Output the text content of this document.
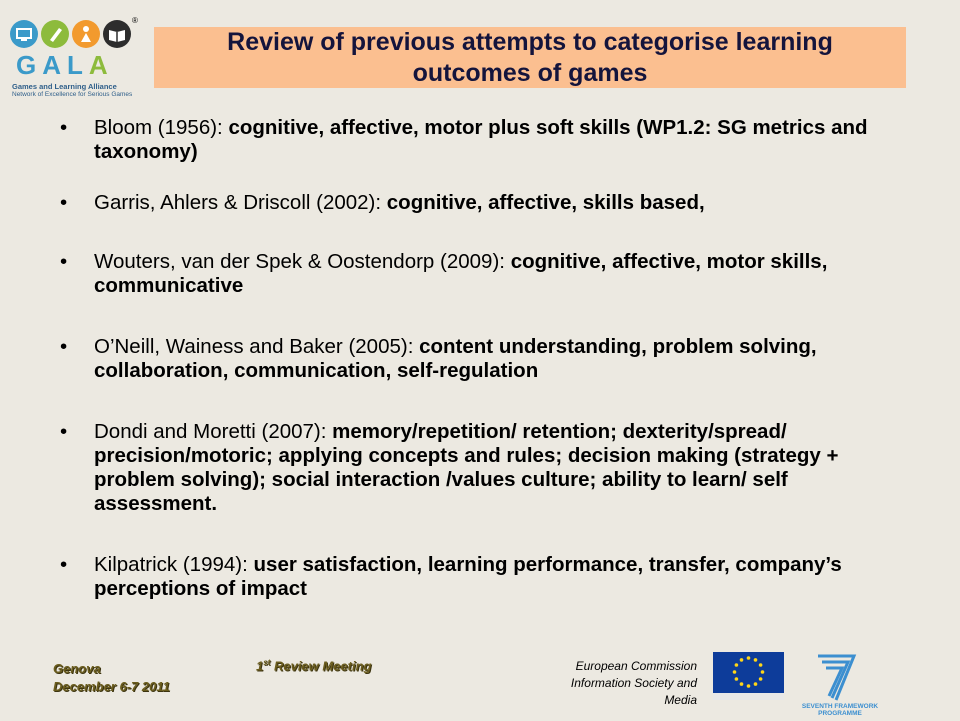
®
GALA
Games and Learning Alliance
Network of Excellence for Serious Games
Review of previous attempts to categorise learning outcomes of games
• Bloom (1956): cognitive, affective, motor plus soft skills (WP1.2: SG metrics and taxonomy)
• Garris, Ahlers & Driscoll (2002): cognitive, affective, skills based,
• Wouters, van der Spek & Oostendorp (2009): cognitive, affective, motor skills, communicative
• O’Neill, Wainess and Baker (2005): content understanding, problem solving, collaboration, communication, self-regulation
• Dondi and Moretti (2007): memory/repetition/ retention; dexterity/spread/ precision/motoric; applying concepts and rules; decision making (strategy + problem solving); social interaction /values culture; ability to learn/ self assessment.
• Kilpatrick (1994): user satisfaction, learning performance, transfer, company’s perceptions of impact
Genova
December 6-7 2011
1st Review Meeting	European Commission
Information Society and
Media	SEVENTH FRAMEWORK
PROGRAMME
